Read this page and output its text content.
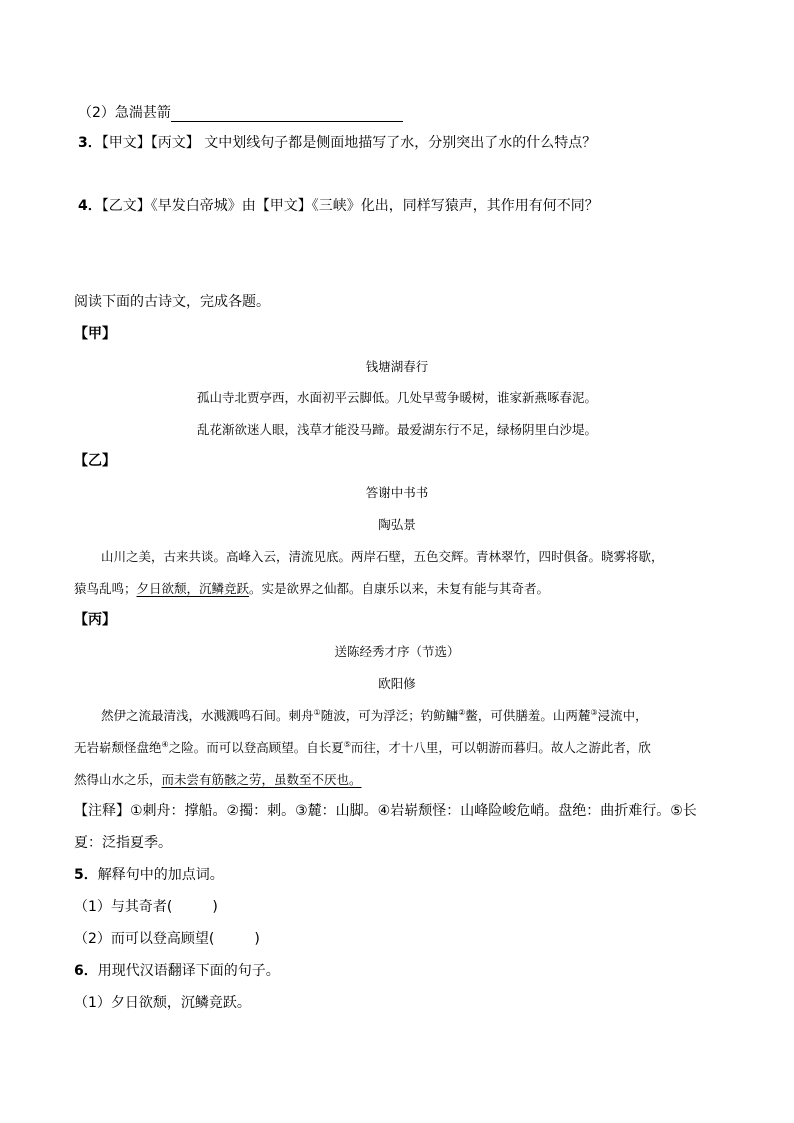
（2）急湍甚箭
3．【甲文】【丙文】 文中划线句子都是侧面地描写了水，分别突出了水的什么特点？
4．【乙文】《早发白帝城》由【甲文】《三峡》化出，同样写猿声，其作用有何不同？
阅读下面的古诗文，完成各题。
【甲】
钱塘湖春行
孤山寺北贾亭西，水面初平云脚低。几处早莺争暖树，谁家新燕啄春泥。
乱花渐欲迷人眼，浅草才能没马蹄。最爱湖东行不足，绿杨阴里白沙堤。
【乙】
答谢中书书
陶弘景
山川之美，古来共谈。高峰入云，清流见底。两岸石壁，五色交辉。青林翠竹，四时俱备。晓雾将歇，
猿鸟乱鸣；夕日欲颓，沉鳞竞跃。实是欲界之仙都。自康乐以来，未复有能与其奇者。
【丙】
送陈经秀才序（节选）
欧阳修
然伊之流最清浅，水溅溅鸣石间。刺舟①随波，可为浮泛；钓鲂鳙②鳖，可供膳羞。山两麓③浸流中，
无岩崭颓怪盘绝④之险。而可以登高顾望。自长夏⑤而往，才十八里，可以朝游而暮归。故人之游此者，欣
然得山水之乐，而未尝有筋骸之劳，虽数至不厌也。
【注释】①刺舟：撑船。②擉：刺。③麓：山脚。④岩崭颓怪：山峰险峻危峭。盘绝：曲折难行。⑤长
夏：泛指夏季。
5．解释句中的加点词。
（1）与其奇者(	)
（2）而可以登高顾望(	)
6．用现代汉语翻译下面的句子。
（1）夕日欲颓，沉鳞竞跃。
